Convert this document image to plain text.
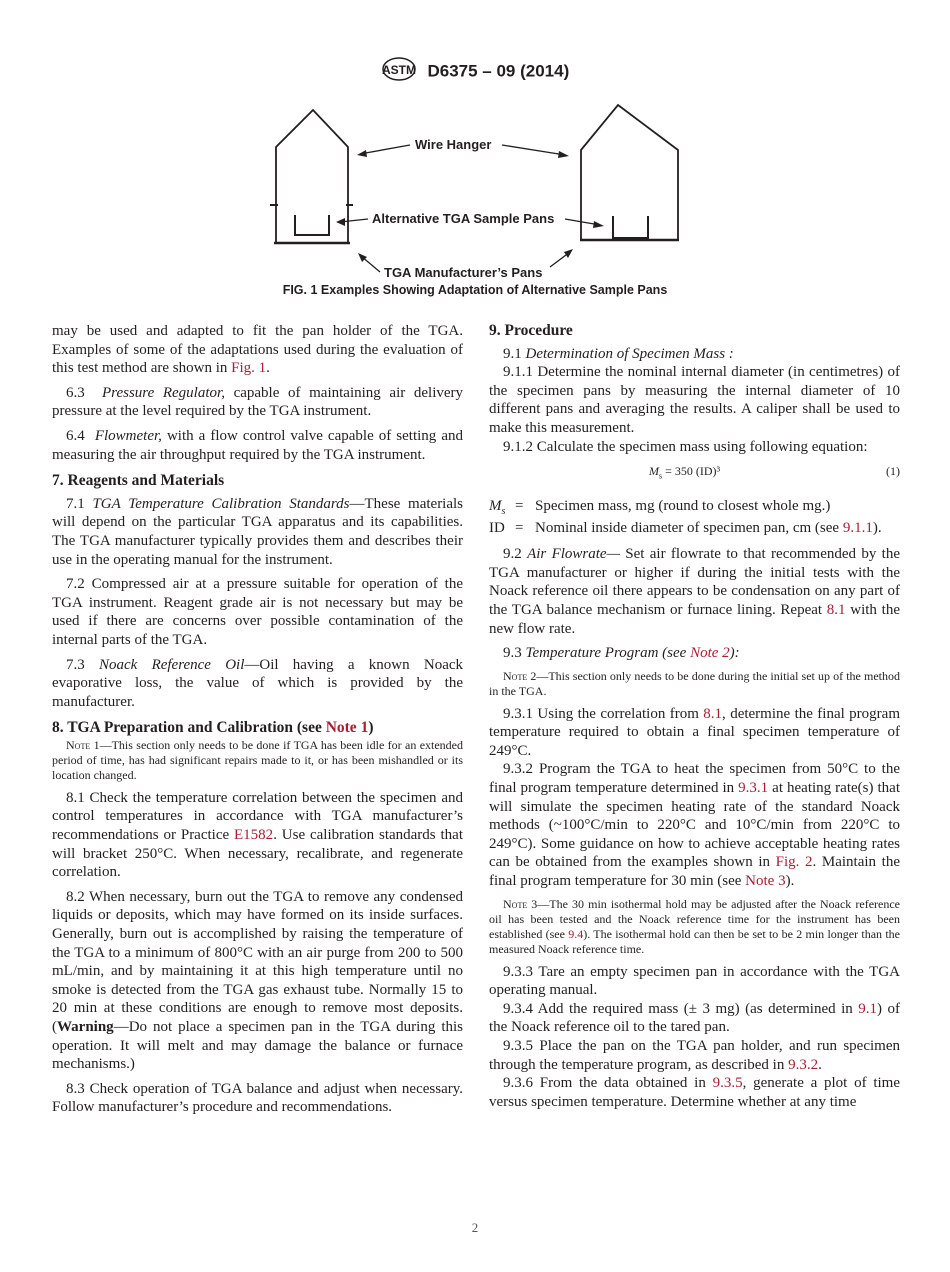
ASTM D6375 – 09 (2014)
Wire Hanger
Alternative TGA Sample Pans
TGA Manufacturer’s Pans
FIG. 1 Examples Showing Adaptation of Alternative Sample Pans

may be used and adapted to fit the pan holder of the TGA. Examples of some of the adaptations used during the evaluation of this test method are shown in Fig. 1.

6.3 Pressure Regulator, capable of maintaining air delivery pressure at the level required by the TGA instrument.

6.4 Flowmeter, with a flow control valve capable of setting and measuring the air throughput required by the TGA instrument.

7. Reagents and Materials

7.1 TGA Temperature Calibration Standards—These materials will depend on the particular TGA apparatus and its capabilities. The TGA manufacturer typically provides them and describes their use in the operating manual for the instrument.

7.2 Compressed air at a pressure suitable for operation of the TGA instrument. Reagent grade air is not necessary but may be used if there are concerns over possible contamination of the internal parts of the TGA.

7.3 Noack Reference Oil—Oil having a known Noack evaporative loss, the value of which is provided by the manufacturer.

8. TGA Preparation and Calibration (see Note 1)

Note 1—This section only needs to be done if TGA has been idle for an extended period of time, has had significant repairs made to it, or has been mishandled or its location changed.

8.1 Check the temperature correlation between the specimen and control temperatures in accordance with TGA manufacturer’s recommendations or Practice E1582. Use calibration standards that will bracket 250°C. When necessary, recalibrate, and regenerate correlation.

8.2 When necessary, burn out the TGA to remove any condensed liquids or deposits, which may have formed on its inside surfaces. Generally, burn out is accomplished by raising the temperature of the TGA to a minimum of 800°C with an air purge from 200 to 500 mL/min, and by maintaining it at this high temperature until no smoke is detected from the TGA gas exhaust tube. Normally 15 to 20 min at these conditions are enough to remove most deposits. (Warning—Do not place a specimen pan in the TGA during this operation. It will melt and may damage the balance or furnace mechanisms.)

8.3 Check operation of TGA balance and adjust when necessary. Follow manufacturer’s procedure and recommendations.

9. Procedure

9.1 Determination of Specimen Mass :

9.1.1 Determine the nominal internal diameter (in centimetres) of the specimen pans by measuring the internal diameter of 10 different pans and averaging the results. A caliper shall be used to make this measurement.

9.1.2 Calculate the specimen mass using following equation:

$M_s = 350$ (ID)³	(1)
$M_s$ = Specimen mass, mg (round to closest whole mg.)
ID = Nominal inside diameter of specimen pan, cm (see 9.1.1).

9.2 Air Flowrate— Set air flowrate to that recommended by the TGA manufacturer or higher if during the initial tests with the Noack reference oil there appears to be condensation on any part of the TGA balance mechanism or furnace lining. Repeat 8.1 with the new flow rate.

9.3 Temperature Program (see Note 2):

Note 2—This section only needs to be done during the initial set up of the method in the TGA.

9.3.1 Using the correlation from 8.1, determine the final program temperature required to obtain a final specimen temperature of 249°C.

9.3.2 Program the TGA to heat the specimen from 50°C to the final program temperature determined in 9.3.1 at heating rate(s) that will simulate the specimen heating rate of the standard Noack methods (~100°C/min to 220°C and 10°C/min from 220°C to 249°C). Some guidance on how to achieve acceptable heating rates can be obtained from the examples shown in Fig. 2. Maintain the final program temperature for 30 min (see Note 3).

Note 3—The 30 min isothermal hold may be adjusted after the Noack reference oil has been tested and the Noack reference time for the instrument has been established (see 9.4). The isothermal hold can then be set to be 2 min longer than the measured Noack reference time.

9.3.3 Tare an empty specimen pan in accordance with the TGA operating manual.

9.3.4 Add the required mass (± 3 mg) (as determined in 9.1) of the Noack reference oil to the tared pan.

9.3.5 Place the pan on the TGA pan holder, and run specimen through the temperature program, as described in 9.3.2.

9.3.6 From the data obtained in 9.3.5, generate a plot of time versus specimen temperature. Determine whether at any time

2
